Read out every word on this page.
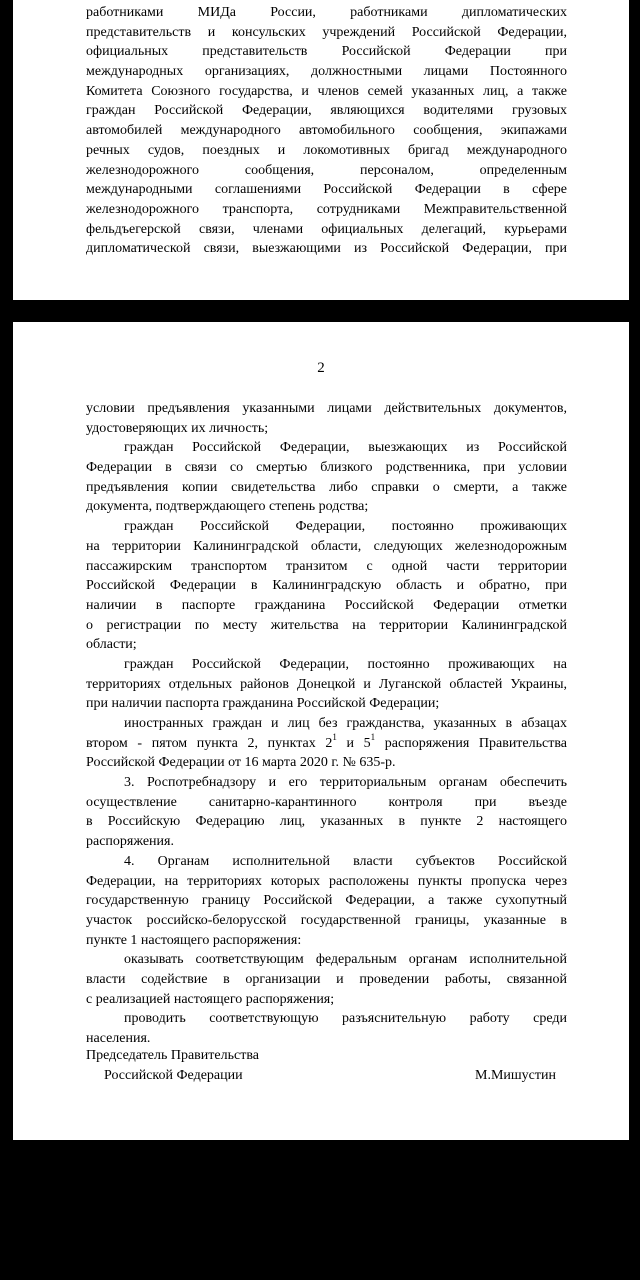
работниками МИДа России, работниками дипломатических
представительств и консульских учреждений Российской Федерации,
официальных представительств Российской Федерации при
международных организациях, должностными лицами Постоянного
Комитета Союзного государства, и членов семей указанных лиц, а также
граждан Российской Федерации, являющихся водителями грузовых
автомобилей международного автомобильного сообщения, экипажами
речных судов, поездных и локомотивных бригад международного
железнодорожного сообщения, персоналом, определенным
международными соглашениями Российской Федерации в сфере
железнодорожного транспорта, сотрудниками Межправительственной
фельдъегерской связи, членами официальных делегаций, курьерами
дипломатической связи, выезжающими из Российской Федерации, при
2
условии предъявления указанными лицами действительных документов,
удостоверяющих их личность;
граждан Российской Федерации, выезжающих из Российской
Федерации в связи со смертью близкого родственника, при условии
предъявления копии свидетельства либо справки о смерти, а также
документа, подтверждающего степень родства;
граждан Российской Федерации, постоянно проживающих
на территории Калининградской области, следующих железнодорожным
пассажирским транспортом транзитом с одной части территории
Российской Федерации в Калининградскую область и обратно, при
наличии в паспорте гражданина Российской Федерации отметки
о регистрации по месту жительства на территории Калининградской
области;
граждан Российской Федерации, постоянно проживающих на
территориях отдельных районов Донецкой и Луганской областей Украины,
при наличии паспорта гражданина Российской Федерации;
иностранных граждан и лиц без гражданства, указанных в абзацах
втором - пятом пункта 2, пунктах $2^1$ и $5^1$ распоряжения Правительства
Российской Федерации от 16 марта 2020 г. № 635-р.
3. Роспотребнадзору и его территориальным органам обеспечить
осуществление санитарно-карантинного контроля при въезде
в Российскую Федерацию лиц, указанных в пункте 2 настоящего
распоряжения.
4. Органам исполнительной власти субъектов Российской
Федерации, на территориях которых расположены пункты пропуска через
государственную границу Российской Федерации, а также сухопутный
участок российско-белорусской государственной границы, указанные в
пункте 1 настоящего распоряжения:
оказывать соответствующим федеральным органам исполнительной
власти содействие в организации и проведении работы, связанной
с реализацией настоящего распоряжения;
проводить соответствующую разъяснительную работу среди
населения.
Председатель Правительства
Российской Федерации	М.Мишустин
